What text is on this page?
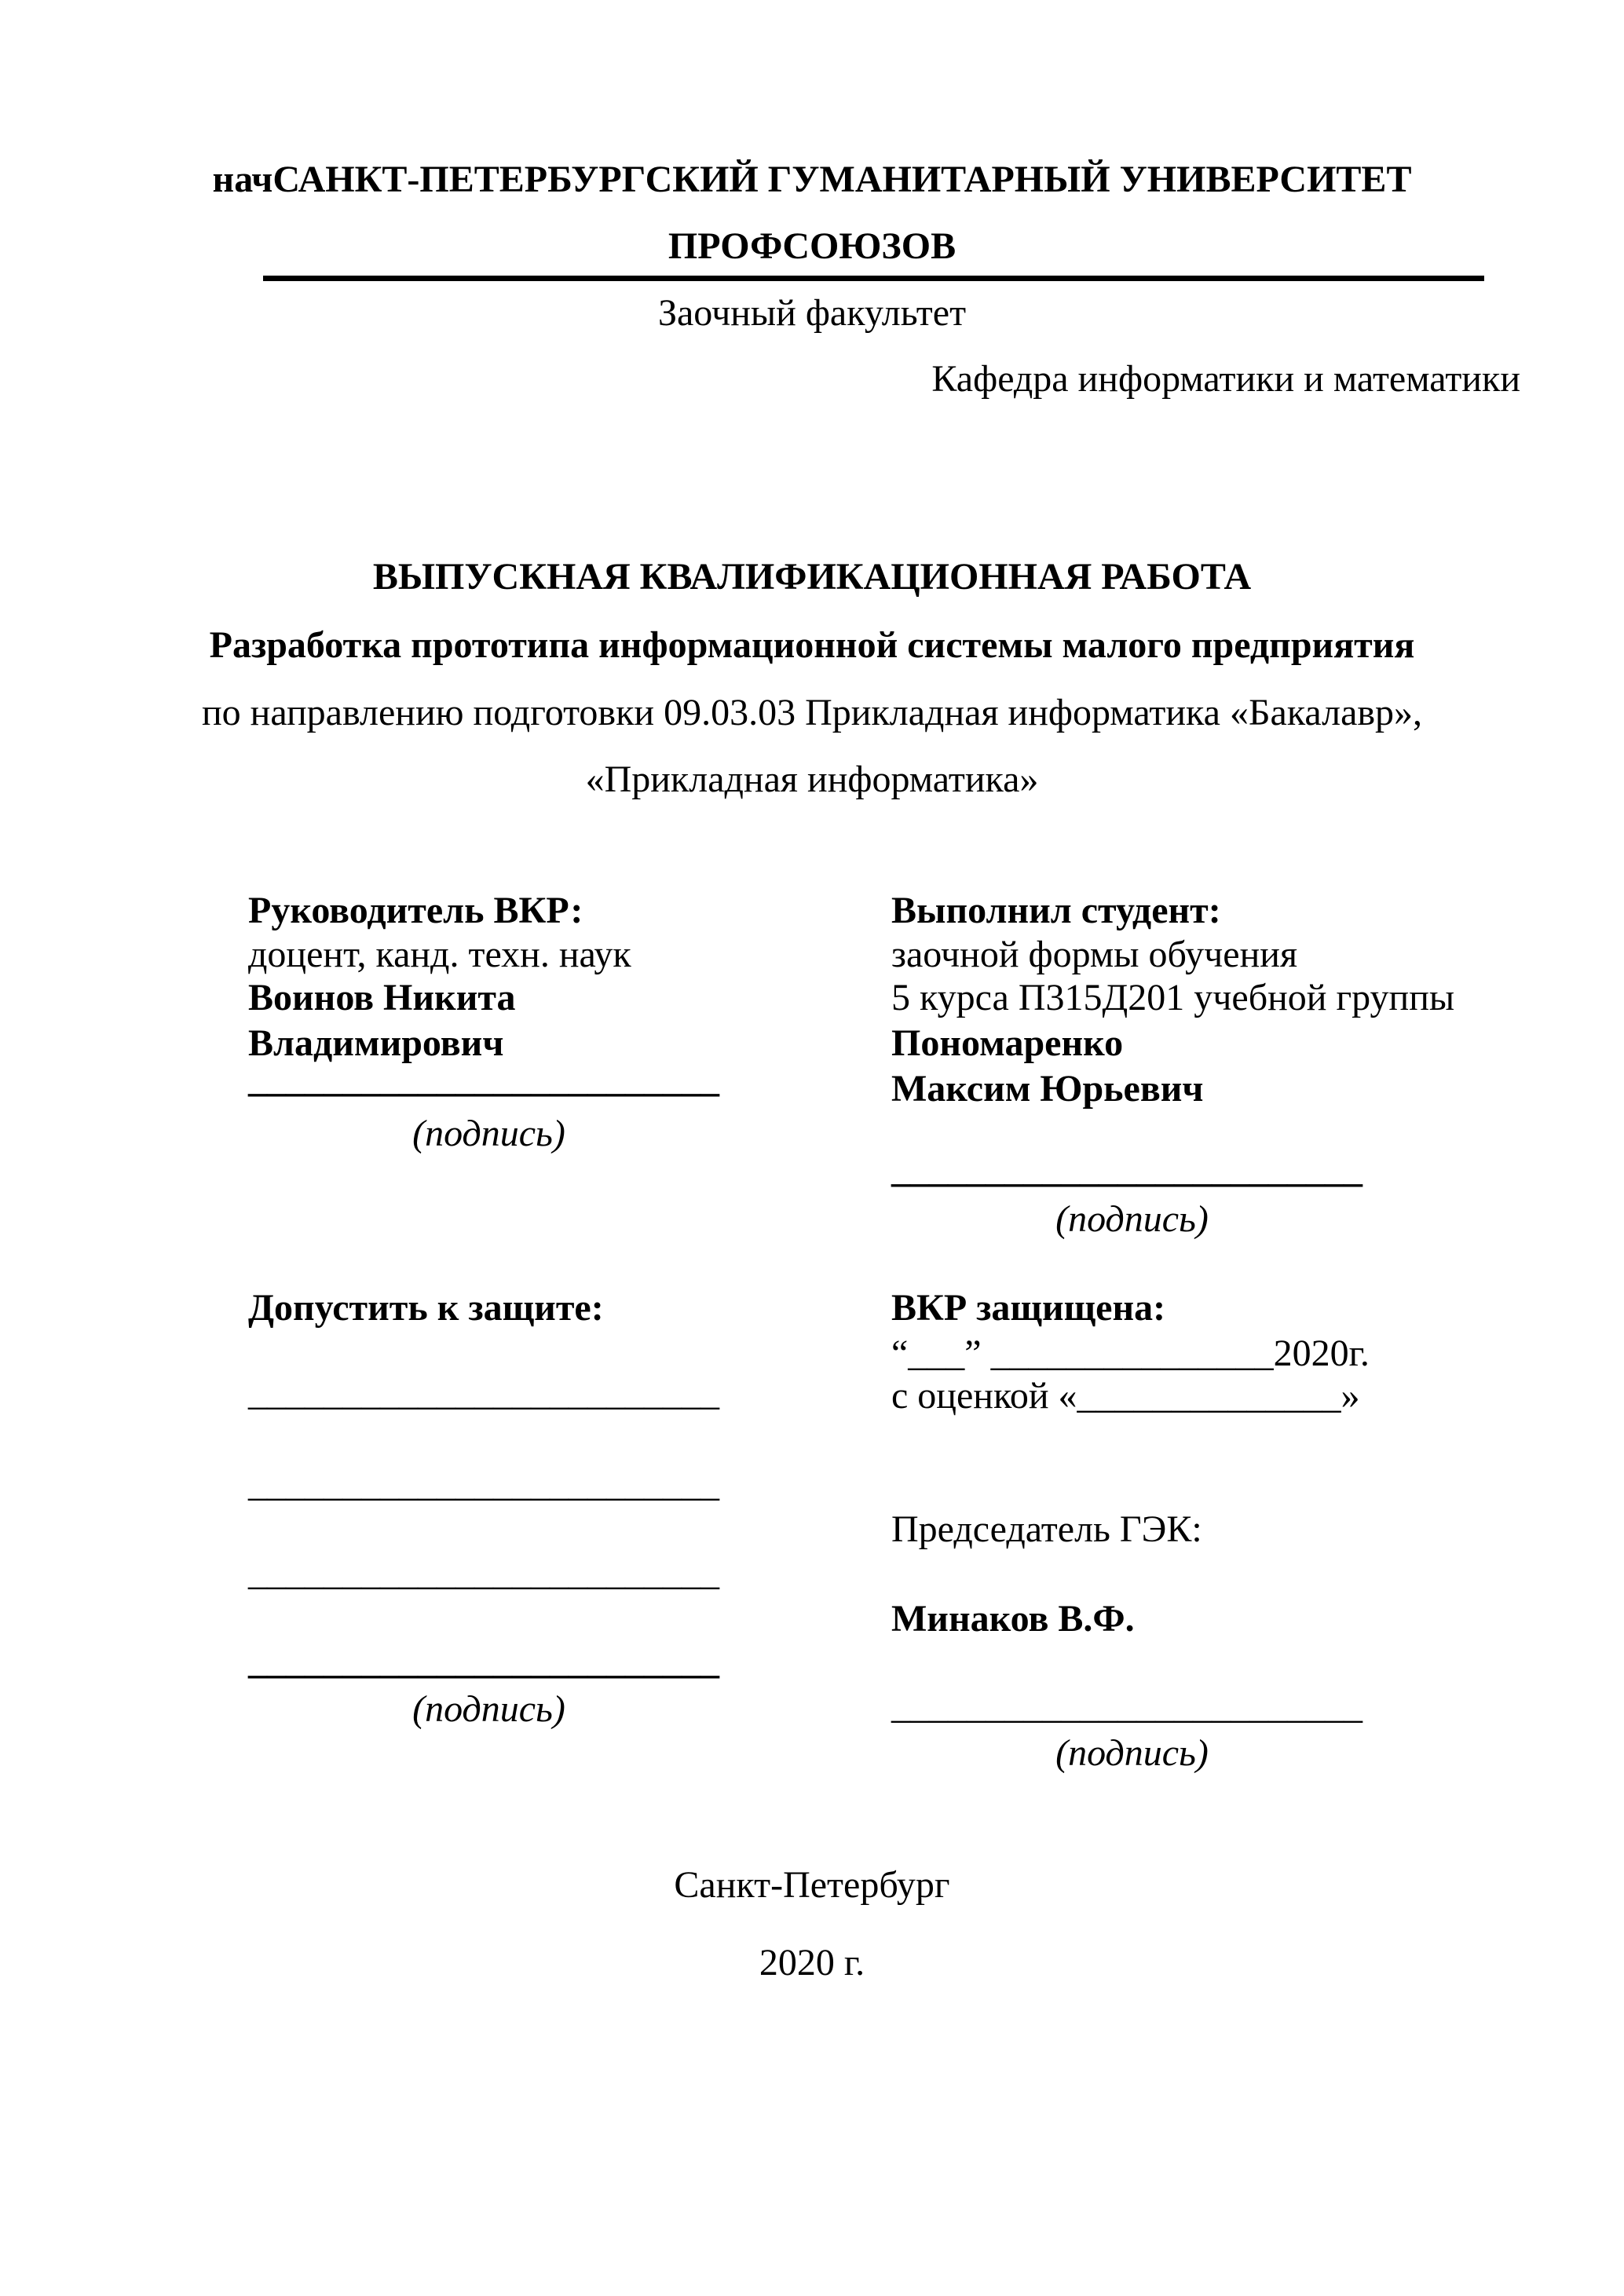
начСАНКТ-ПЕТЕРБУРГСКИЙ ГУМАНИТАРНЫЙ УНИВЕРСИТЕТ
ПРОФСОЮЗОВ
Заочный факультет
Кафедра информатики и математики
ВЫПУСКНАЯ КВАЛИФИКАЦИОННАЯ РАБОТА
Разработка прототипа информационной системы малого предприятия
по направлению подготовки 09.03.03 Прикладная информатика «Бакалавр»,
«Прикладная информатика»
Руководитель ВКР:
доцент, канд. техн. наук
Воинов Никита
Владимирович
_________________________
(подпись)
Выполнил студент:
заочной формы обучения
5 курса П315Д201 учебной группы
Пономаренко
Максим Юрьевич
_________________________
(подпись)
Допустить к защите:
_________________________
_________________________
_________________________
_________________________
(подпись)
ВКР защищена:
“___” _______________2020г.
с оценкой «______________»
Председатель ГЭК:
Минаков В.Ф.
_________________________
(подпись)
Санкт-Петербург
2020 г.
